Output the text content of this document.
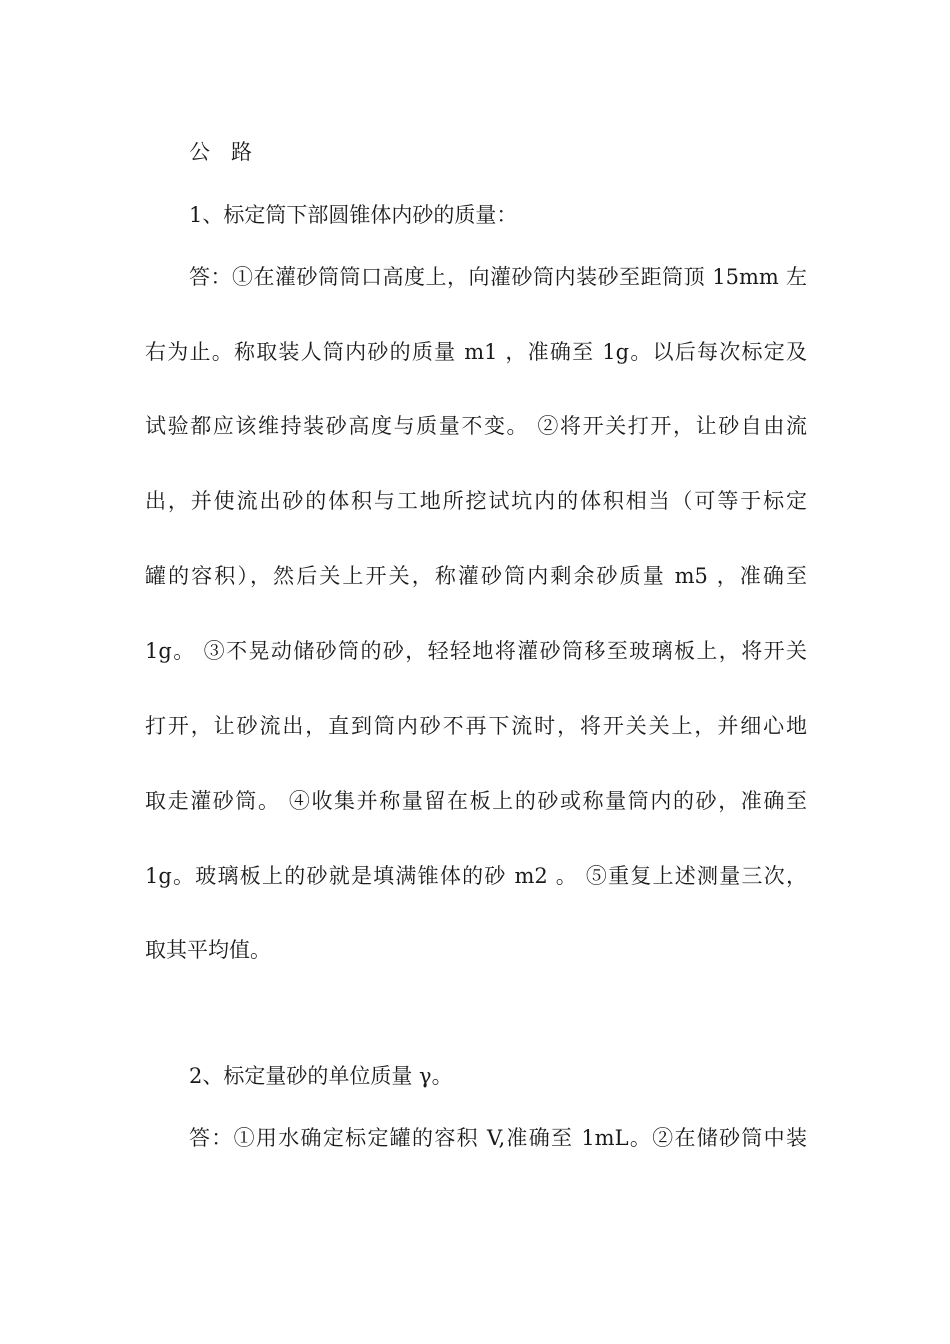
公　路
1、标定筒下部圆锥体内砂的质量：
答：①在灌砂筒筒口高度上，向灌砂筒内装砂至距筒顶 15mm 左
右为止。称取装人筒内砂的质量 m1 ，准确至 1g。以后每次标定及
试验都应该维持装砂高度与质量不变。 ②将开关打开，让砂自由流
出，并使流出砂的体积与工地所挖试坑内的体积相当（可等于标定
罐的容积），然后关上开关，称灌砂筒内剩余砂质量 m5 ，准确至
1g。 ③不晃动储砂筒的砂，轻轻地将灌砂筒移至玻璃板上，将开关
打开，让砂流出，直到筒内砂不再下流时，将开关关上，并细心地
取走灌砂筒。 ④收集并称量留在板上的砂或称量筒内的砂，准确至
1g。玻璃板上的砂就是填满锥体的砂 m2 。 ⑤重复上述测量三次，
取其平均值。
2、标定量砂的单位质量 γ。
答：①用水确定标定罐的容积 V,准确至 1mL。②在储砂筒中装
